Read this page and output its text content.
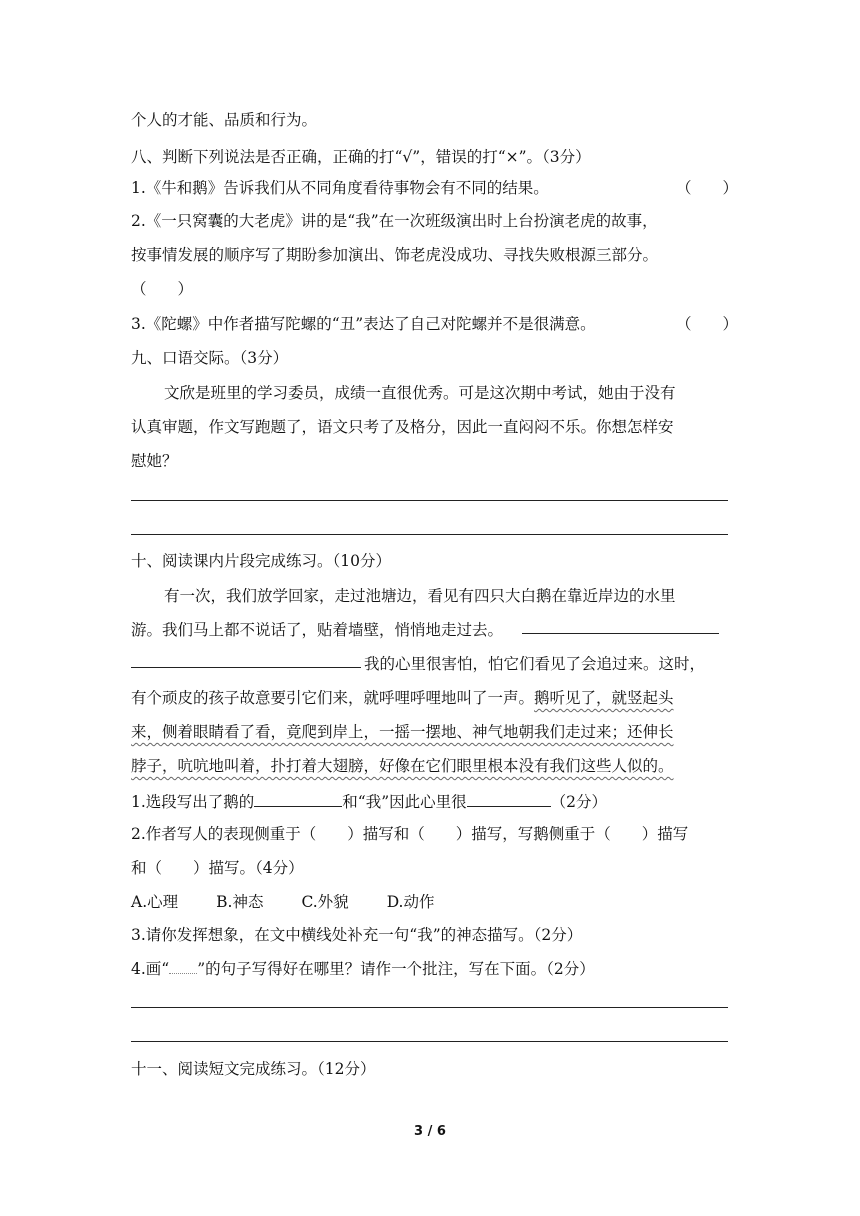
个人的才能、品质和行为。
八、判断下列说法是否正确，正确的打“√”，错误的打“×”。（3分）
1.《牛和鹅》告诉我们从不同角度看待事物会有不同的结果。	（　　）
2.《一只窝囊的大老虎》讲的是“我”在一次班级演出时上台扮演老虎的故事，
按事情发展的顺序写了期盼参加演出、饰老虎没成功、寻找失败根源三部分。
（　　）
3.《陀螺》中作者描写陀螺的“丑”表达了自己对陀螺并不是很满意。	（　　）
九、口语交际。（3分）
文欣是班里的学习委员，成绩一直很优秀。可是这次期中考试，她由于没有
认真审题，作文写跑题了，语文只考了及格分，因此一直闷闷不乐。你想怎样安
慰她？
十、阅读课内片段完成练习。（10分）
有一次，我们放学回家，走过池塘边，看见有四只大白鹅在靠近岸边的水里
游。我们马上都不说话了，贴着墙壁，悄悄地走过去。
我的心里很害怕，怕它们看见了会追过来。这时，
有个顽皮的孩子故意要引它们来，就呼哩呼哩地叫了一声。鹅听见了，就竖起头
来，侧着眼睛看了看，竟爬到岸上，一摇一摆地、神气地朝我们走过来；还伸长
脖子，吭吭地叫着，扑打着大翅膀，好像在它们眼里根本没有我们这些人似的。
1.选段写出了鹅的	和“我”因此心里很	（2分）
2.作者写人的表现侧重于（　　）描写和（　　）描写，写鹅侧重于（　　）描写
和（　　）描写。（4分）
A.心理 B.神态 C.外貌 D.动作
3.请你发挥想象，在文中横线处补充一句“我”的神态描写。（2分）
4.画“ ”的句子写得好在哪里？请作一个批注，写在下面。（2分）
十一、阅读短文完成练习。（12分）
3 / 6
